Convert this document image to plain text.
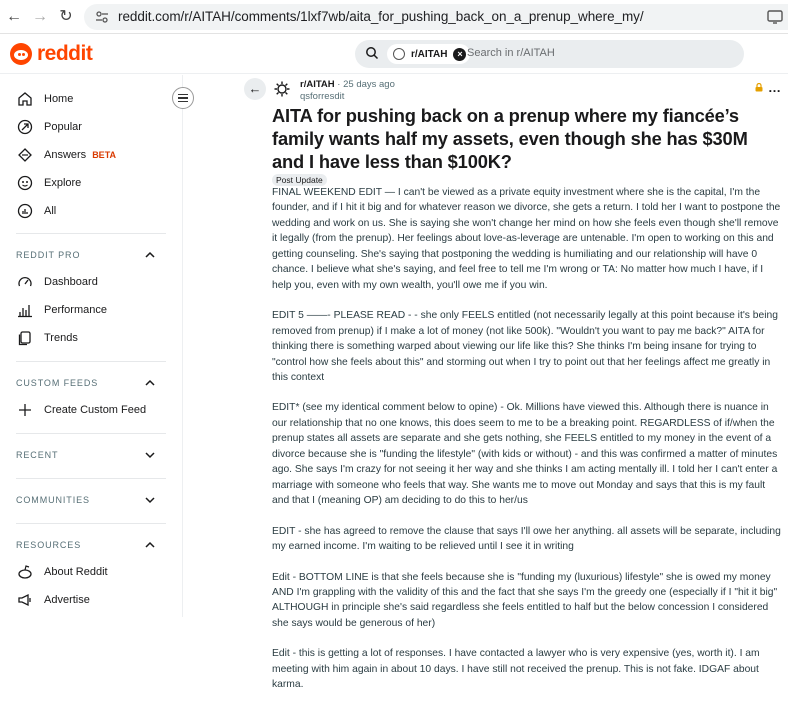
← → ↻	reddit.com/r/AITAH/comments/1lxf7wb/aita_for_pushing_back_on_a_prenup_where_my/
reddit	r/AITAH	× Search in r/AITAH
Home
Popular
Answers BETA
Explore
All
REDDIT PRO
Dashboard
Performance
Trends
CUSTOM FEEDS
Create Custom Feed
RECENT
COMMUNITIES
RESOURCES
About Reddit
Advertise
←	r/AITAH · 25 days ago
qsforresdit
…
AITA for pushing back on a prenup where my fiancée’s family wants half my assets, even though she has $30M and I have less than $100K?
Post Update

FINAL WEEKEND EDIT — I can't be viewed as a private equity investment where she is the capital, I'm the founder, and if I hit it big and for whatever reason we divorce, she gets a return. I told her I want to postpone the wedding and work on us. She is saying she won't change her mind on how she feels even though she'll remove it legally (from the prenup). Her feelings about love-as-leverage are untenable. I'm open to working on this and getting counseling. She's saying that postponing the wedding is humiliating and our relationship will have 0 chance. I believe what she's saying, and feel free to tell me I'm wrong or TA: No matter how much I have, if I help you, even with my own wealth, you'll owe me if you win.

EDIT 5 ——- PLEASE READ - - she only FEELS entitled (not necessarily legally at this point because it's being removed from prenup) if I make a lot of money (not like 500k). "Wouldn't you want to pay me back?" AITA for thinking there is something warped about viewing our life like this? She thinks I'm being insane for trying to "control how she feels about this" and storming out when I try to point out that her feelings affect me greatly in this context

EDIT* (see my identical comment below to opine) - Ok. Millions have viewed this. Although there is nuance in our relationship that no one knows, this does seem to me to be a breaking point. REGARDLESS of if/when the prenup states all assets are separate and she gets nothing, she FEELS entitled to my money in the event of a divorce because she is "funding the lifestyle" (with kids or without) - and this was confirmed a matter of minutes ago. She says I'm crazy for not seeing it her way and she thinks I am acting mentally ill. I told her I can't enter a marriage with someone who feels that way. She wants me to move out Monday and says that this is my fault and that I (meaning OP) am deciding to do this to her/us

EDIT - she has agreed to remove the clause that says I'll owe her anything. all assets will be separate, including my earned income. I'm waiting to be relieved until I see it in writing

Edit - BOTTOM LINE is that she feels because she is "funding my (luxurious) lifestyle" she is owed my money AND I'm grappling with the validity of this and the fact that she says I'm the greedy one (especially if I "hit it big" ALTHOUGH in principle she's said regardless she feels entitled to half but the below concession I considered she says would be generous of her)

Edit - this is getting a lot of responses. I have contacted a lawyer who is very expensive (yes, worth it). I am meeting with him again in about 10 days. I have still not received the prenup. This is not fake. IDGAF about karma.
